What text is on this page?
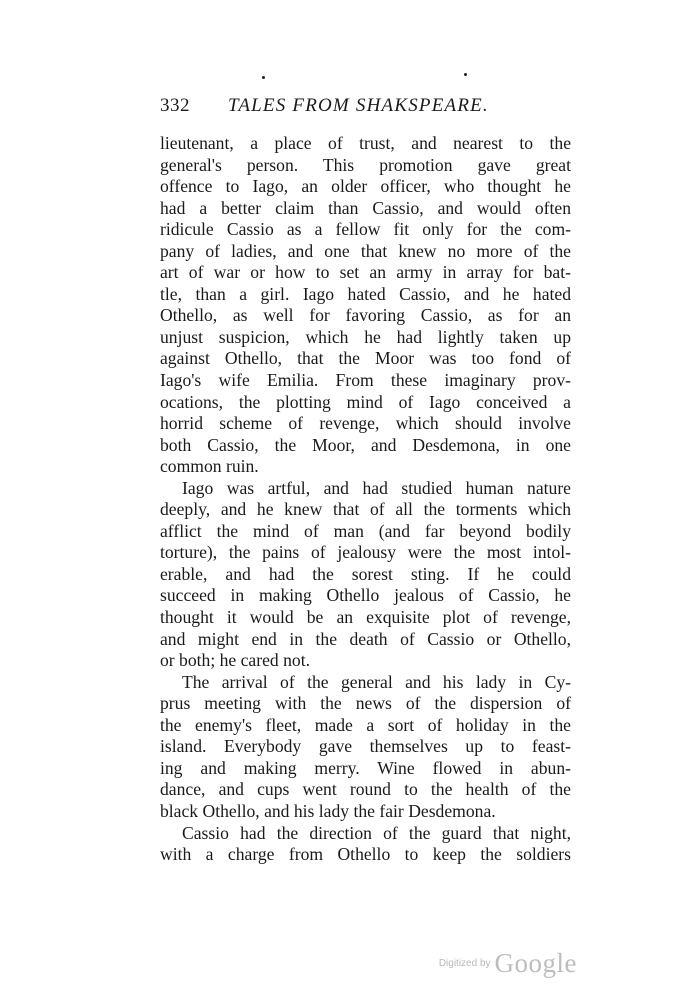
332 TALES FROM SHAKSPEARE.
lieutenant, a place of trust, and nearest to the
general's person. This promotion gave great
offence to Iago, an older officer, who thought he
had a better claim than Cassio, and would often
ridicule Cassio as a fellow fit only for the com-
pany of ladies, and one that knew no more of the
art of war or how to set an army in array for bat-
tle, than a girl. Iago hated Cassio, and he hated
Othello, as well for favoring Cassio, as for an
unjust suspicion, which he had lightly taken up
against Othello, that the Moor was too fond of
Iago's wife Emilia. From these imaginary prov-
ocations, the plotting mind of Iago conceived a
horrid scheme of revenge, which should involve
both Cassio, the Moor, and Desdemona, in one
common ruin.
Iago was artful, and had studied human nature
deeply, and he knew that of all the torments which
afflict the mind of man (and far beyond bodily
torture), the pains of jealousy were the most intol-
erable, and had the sorest sting. If he could
succeed in making Othello jealous of Cassio, he
thought it would be an exquisite plot of revenge,
and might end in the death of Cassio or Othello,
or both; he cared not.
The arrival of the general and his lady in Cy-
prus meeting with the news of the dispersion of
the enemy's fleet, made a sort of holiday in the
island. Everybody gave themselves up to feast-
ing and making merry. Wine flowed in abun-
dance, and cups went round to the health of the
black Othello, and his lady the fair Desdemona.
Cassio had the direction of the guard that night,
with a charge from Othello to keep the soldiers
Digitized by Google
